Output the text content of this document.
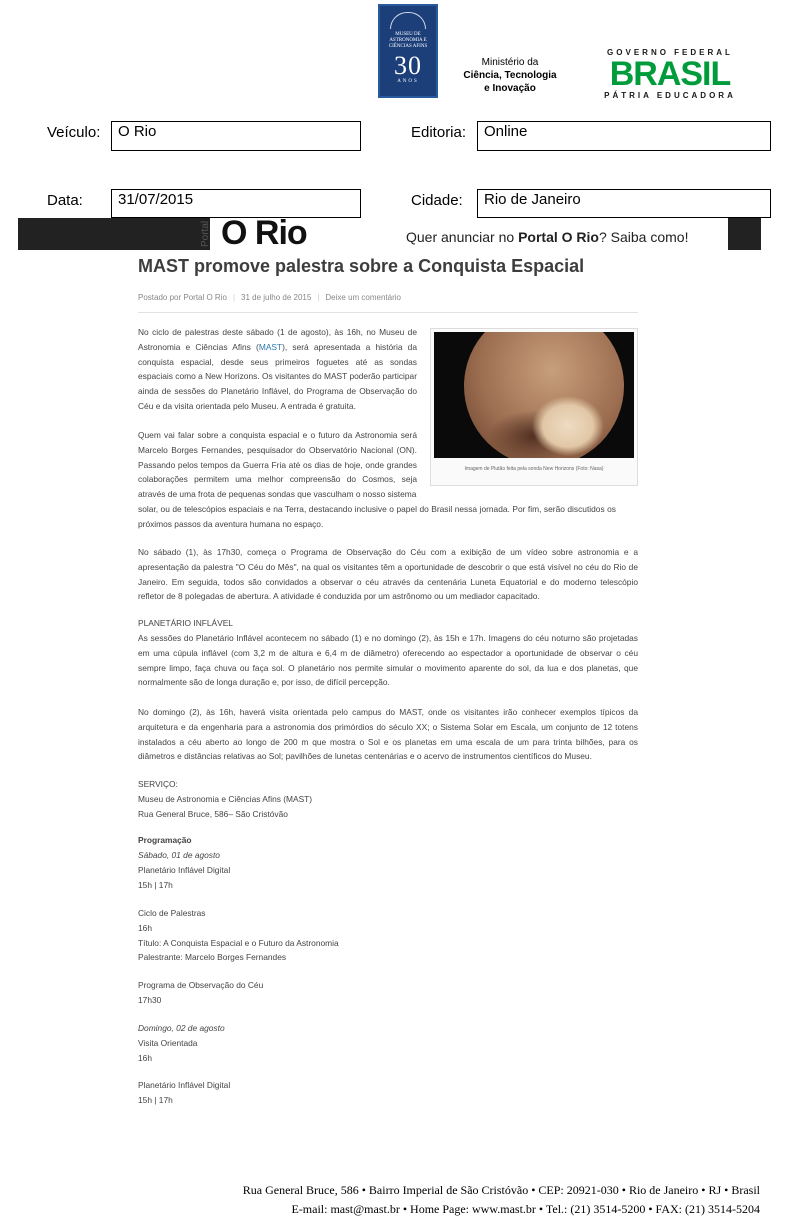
MUSEU DE ASTRONOMIA E CIÊNCIAS AFINS
30
ANOS
Ministério da
Ciência, Tecnologia
e Inovação
GOVERNO FEDERAL
BRASIL
PÁTRIA EDUCADORA
Veículo:	O Rio	Editoria:	Online
Data:	31/07/2015	Cidade:	Rio de Janeiro
Portal O Rio	Quer anunciar no Portal O Rio? Saiba como!
MAST promove palestra sobre a Conquista Espacial
Postado por Portal O Rio | 31 de julho de 2015 | Deixe um comentário
Imagem de Plutão feita pela sonda New Horizons (Foto: Nasa)
No ciclo de palestras deste sábado (1 de agosto), às 16h, no Museu de Astronomia e Ciências Afins (MAST), será apresentada a história da conquista espacial, desde seus primeiros foguetes até as sondas espaciais como a New Horizons. Os visitantes do MAST poderão participar ainda de sessões do Planetário Inflável, do Programa de Observação do Céu e da visita orientada pelo Museu. A entrada é gratuita.
Quem vai falar sobre a conquista espacial e o futuro da Astronomia será Marcelo Borges Fernandes, pesquisador do Observatório Nacional (ON). Passando pelos tempos da Guerra Fria até os dias de hoje, onde grandes colaborações permitem uma melhor compreensão do Cosmos, seja através de uma frota de pequenas sondas que vasculham o nosso sistema
solar, ou de telescópios espaciais e na Terra, destacando inclusive o papel do Brasil nessa jornada. Por fim, serão discutidos os próximos passos da aventura humana no espaço.
No sábado (1), às 17h30, começa o Programa de Observação do Céu com a exibição de um vídeo sobre astronomia e a apresentação da palestra "O Céu do Mês", na qual os visitantes têm a oportunidade de descobrir o que está visível no céu do Rio de Janeiro. Em seguida, todos são convidados a observar o céu através da centenária Luneta Equatorial e do moderno telescópio refletor de 8 polegadas de abertura. A atividade é conduzida por um astrônomo ou um mediador capacitado.
PLANETÁRIO INFLÁVEL
As sessões do Planetário Inflável acontecem no sábado (1) e no domingo (2), às 15h e 17h. Imagens do céu noturno são projetadas em uma cúpula inflável (com 3,2 m de altura e 6,4 m de diâmetro) oferecendo ao espectador a oportunidade de observar o céu sempre limpo, faça chuva ou faça sol. O planetário nos permite simular o movimento aparente do sol, da lua e dos planetas, que normalmente são de longa duração e, por isso, de difícil percepção.
No domingo (2), às 16h, haverá visita orientada pelo campus do MAST, onde os visitantes irão conhecer exemplos típicos da arquitetura e da engenharia para a astronomia dos primórdios do século XX; o Sistema Solar em Escala, um conjunto de 12 totens instalados a céu aberto ao longo de 200 m que mostra o Sol e os planetas em uma escala de um para trinta bilhões, para os diâmetros e distâncias relativas ao Sol; pavilhões de lunetas centenárias e o acervo de instrumentos científicos do Museu.
SERVIÇO:
Museu de Astronomia e Ciências Afins (MAST)
Rua General Bruce, 586– São Cristóvão
Programação
Sábado, 01 de agosto
Planetário Inflável Digital
15h | 17h
Ciclo de Palestras
16h
Título: A Conquista Espacial e o Futuro da Astronomia
Palestrante: Marcelo Borges Fernandes
Programa de Observação do Céu
17h30
Domingo, 02 de agosto
Visita Orientada
16h
Planetário Inflável Digital
15h | 17h
Rua General Bruce, 586 • Bairro Imperial de São Cristóvão • CEP: 20921-030 • Rio de Janeiro • RJ • Brasil
E-mail: mast@mast.br • Home Page: www.mast.br • Tel.: (21) 3514-5200 • FAX: (21) 3514-5204
